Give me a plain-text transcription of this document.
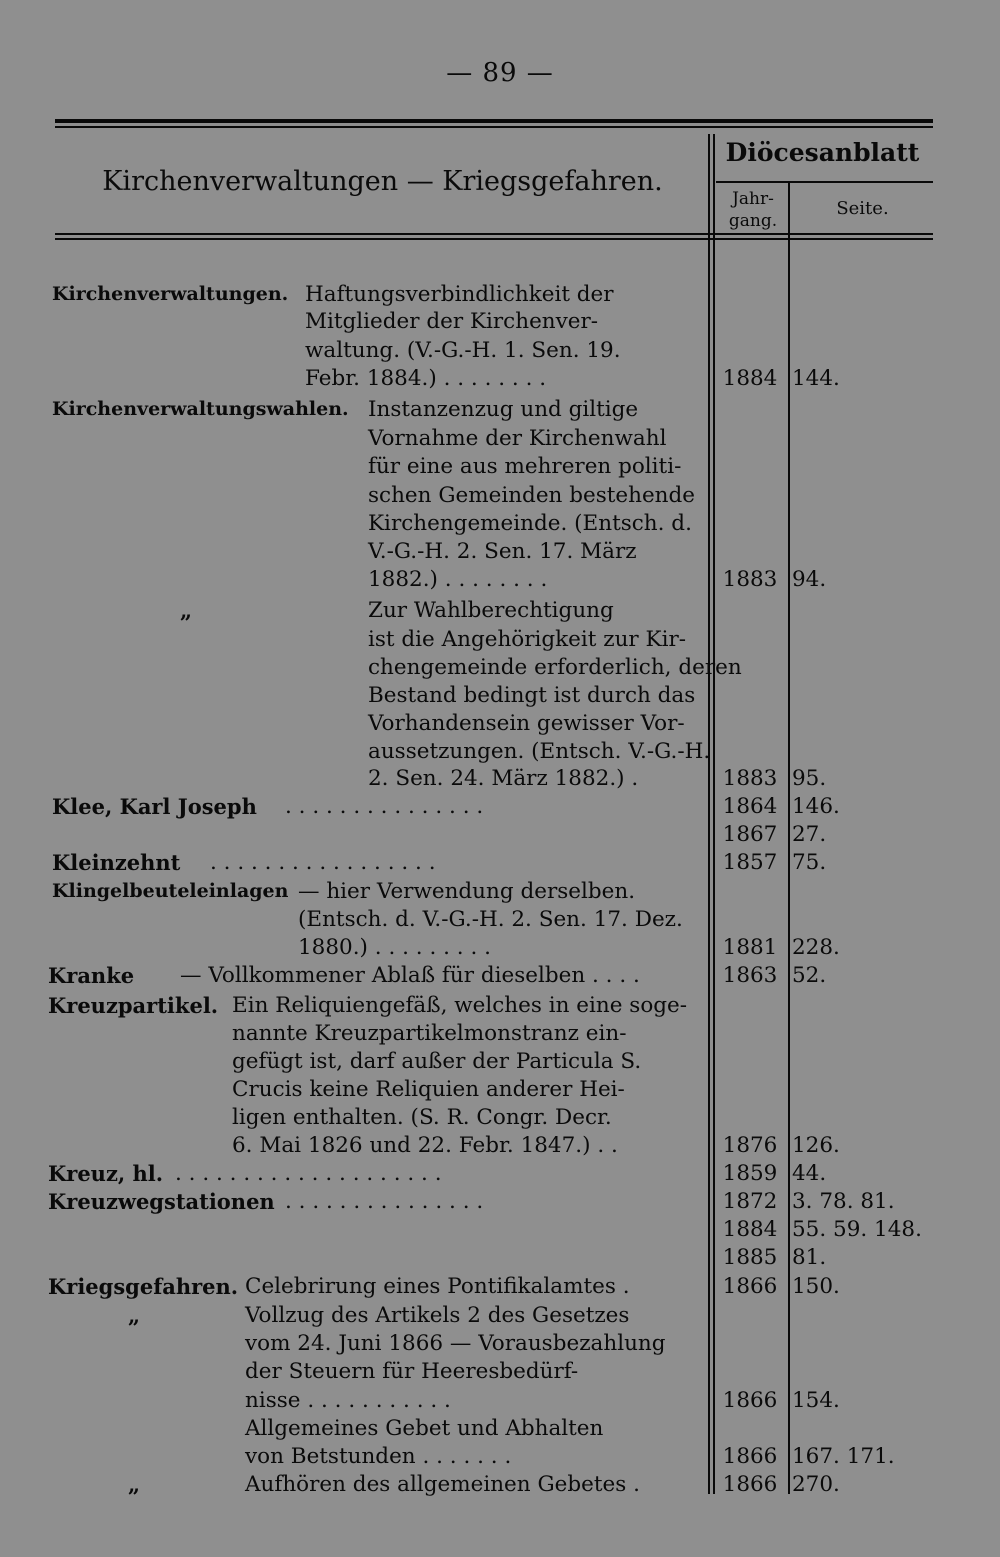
— 89 —
Kirchenverwaltungen — Kriegsgefahren.
Diöcesanblatt
Jahr-
gang.
Seite.
Kirchenverwaltungen. Haftungsverbindlichkeit der
Mitglieder der Kirchenver-
waltung. (V.-G.-H. 1. Sen. 19.
Febr. 1884.) . . . . . . . .	1884 144.
Kirchenverwaltungswahlen. Instanzenzug und giltige
Vornahme der Kirchenwahl
für eine aus mehreren politi-
schen Gemeinden bestehende
Kirchengemeinde. (Entsch. d.
V.-G.-H. 2. Sen. 17. März
1882.) . . . . . . . .	1883 94.
„	Zur Wahlberechtigung
ist die Angehörigkeit zur Kir-
chengemeinde erforderlich, deren
Bestand bedingt ist durch das
Vorhandensein gewisser Vor-
aussetzungen. (Entsch. V.-G.-H.
2. Sen. 24. März 1882.) .	1883 95.
Klee, Karl Joseph . . . . . . . . . . . . . . .	1864 146.
1867 27.
Kleinzehnt . . . . . . . . . . . . . . . . .	1857 75.
Klingelbeuteleinlagen — hier Verwendung derselben.
(Entsch. d. V.-G.-H. 2. Sen. 17. Dez.
1880.) . . . . . . . . .	1881 228.
Kranke — Vollkommener Ablaß für dieselben . . . .	1863 52.
Kreuzpartikel. Ein Reliquiengefäß, welches in eine soge-
nannte Kreuzpartikelmonstranz ein-
gefügt ist, darf außer der Particula S.
Crucis keine Reliquien anderer Hei-
ligen enthalten. (S. R. Congr. Decr.
6. Mai 1826 und 22. Febr. 1847.) . .	1876 126.
Kreuz, hl. . . . . . . . . . . . . . . . . . . . .	1859 44.
Kreuzwegstationen . . . . . . . . . . . . . . .	1872 3. 78. 81.
1884 55. 59. 148.
1885 81.
Kriegsgefahren. Celebrirung eines Pontifikalamtes .	1866 150.
„	Vollzug des Artikels 2 des Gesetzes
vom 24. Juni 1866 — Vorausbezahlung
der Steuern für Heeresbedürf-
nisse . . . . . . . . . . .	1866 154.
Allgemeines Gebet und Abhalten
von Betstunden . . . . . . .	1866 167. 171.
„	Aufhören des allgemeinen Gebetes .	1866 270.
